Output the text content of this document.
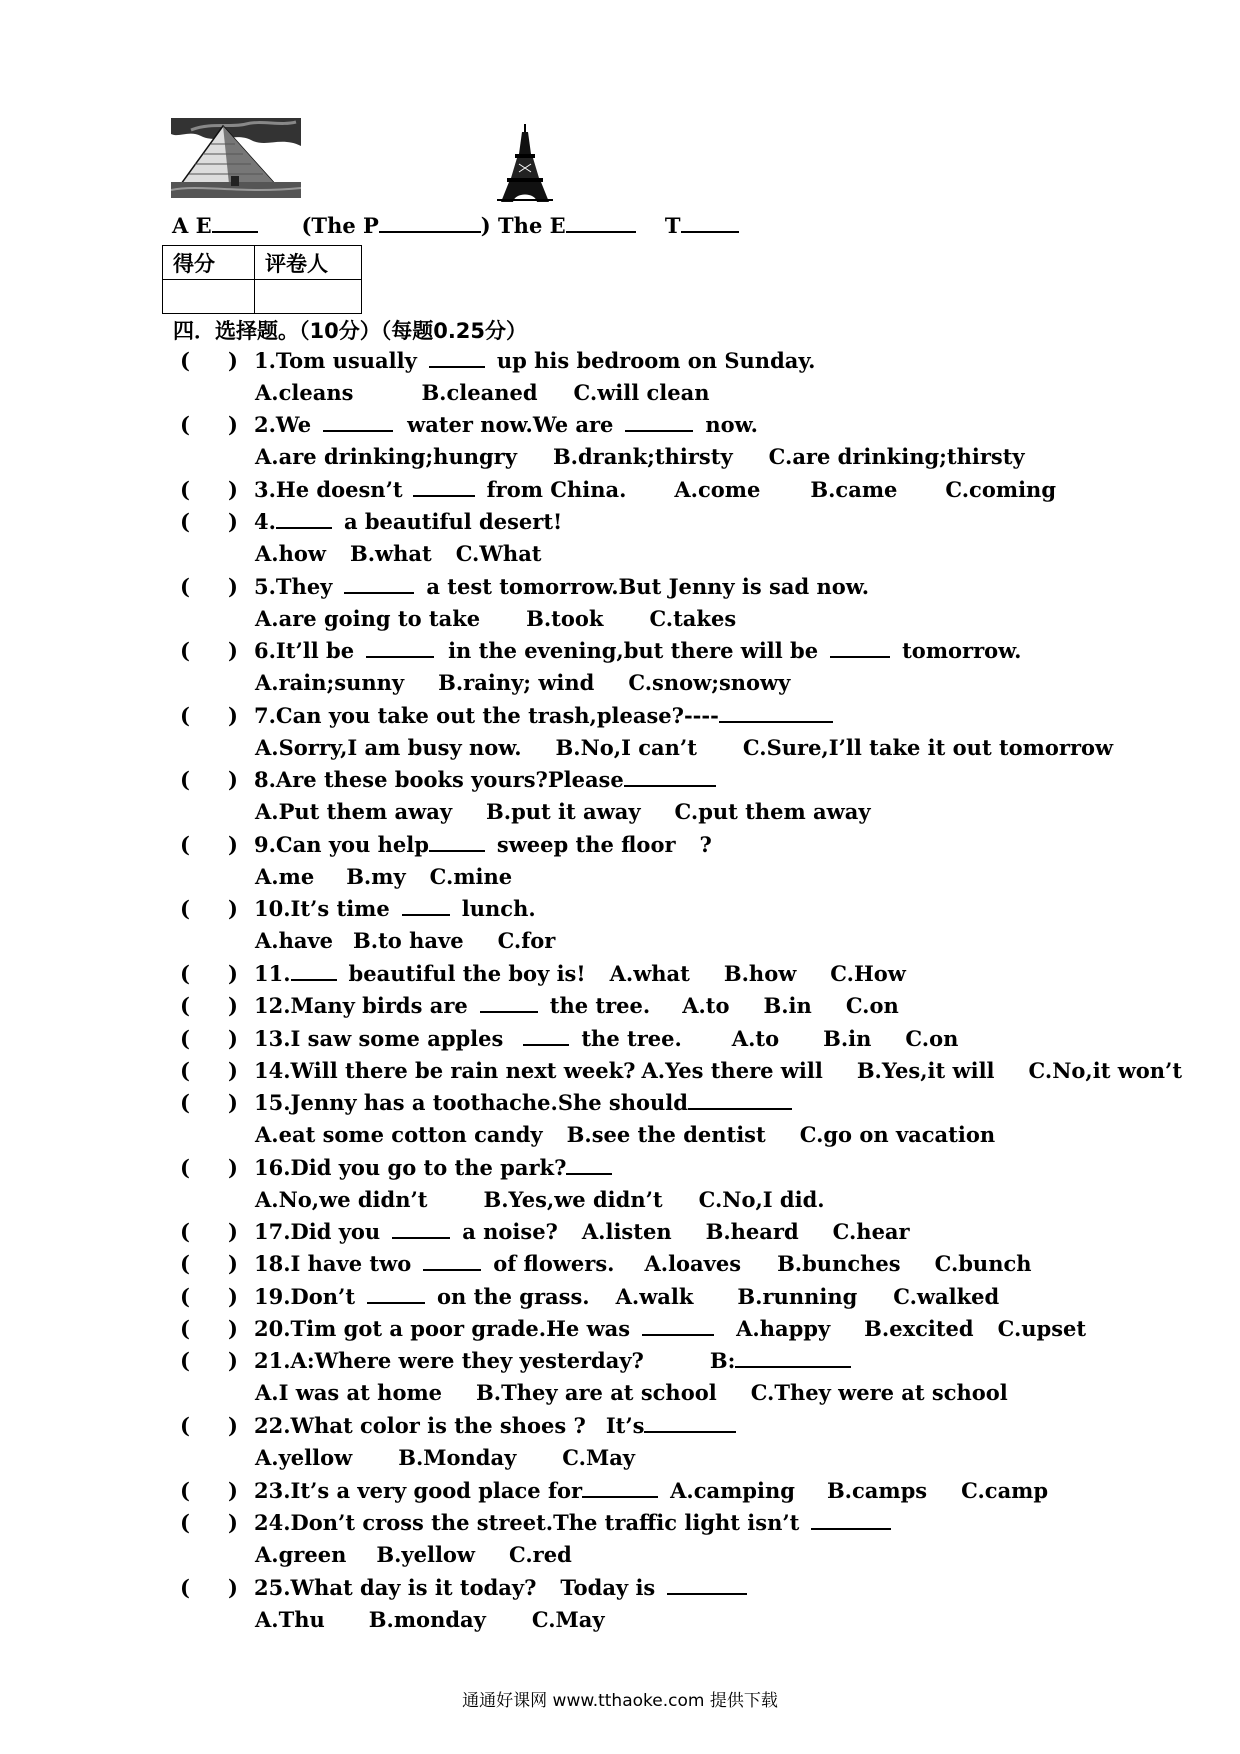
A E	(The P	) The E	T
得分	评卷人

四．选择题。（10分）（每题0.25分）
( ) 1.Tom usually	up his bedroom on Sunday.
A.cleans	B.cleaned C.will clean
( ) 2.We	water now.We are	now.
A.are drinking;hungry B.drank;thirsty C.are drinking;thirsty
( ) 3.He doesn’t	from China. A.come B.came C.coming
( ) 4.	a beautiful desert!
A.how B.what C.What
( ) 5.They	a test tomorrow.But Jenny is sad now.
A.are going to take B.took C.takes
( ) 6.It’ll be	in the evening,but there will be	tomorrow.
A.rain;sunny B.rainy; wind C.snow;snowy
( ) 7.Can you take out the trash,please?----
A.Sorry,I am busy now. B.No,I can’t C.Sure,I’ll take it out tomorrow
( ) 8.Are these books yours?Please
A.Put them away B.put it away C.put them away
( ) 9.Can you help	sweep the floor ?
A.me B.my C.mine
( ) 10.It’s time	lunch.
A.have B.to have C.for
( ) 11.	beautiful the boy is! A.what B.how C.How
( ) 12.Many birds are	the tree. A.to B.in C.on
( ) 13.I saw some apples	the tree. A.to B.in C.on
( ) 14.Will there be rain next week? A.Yes there will B.Yes,it will C.No,it won’t
( ) 15.Jenny has a toothache.She should
A.eat some cotton candy B.see the dentist C.go on vacation
( ) 16.Did you go to the park?
A.No,we didn’t	B.Yes,we didn’t C.No,I did.
( ) 17.Did you	a noise? A.listen B.heard C.hear
( ) 18.I have two	of flowers. A.loaves B.bunches C.bunch
( ) 19.Don’t	on the grass. A.walk B.running C.walked
( ) 20.Tim got a poor grade.He was	A.happy B.excited C.upset
( ) 21.A:Where were they yesterday?	B:
A.I was at home B.They are at school C.They were at school
( ) 22.What color is the shoes ? It’s
A.yellow B.Monday C.May
( ) 23.It’s a very good place for	A.camping B.camps C.camp
( ) 24.Don’t cross the street.The traffic light isn’t
A.green B.yellow C.red
( ) 25.What day is it today? Today is
A.Thu B.monday C.May
通通好课网 www.tthaoke.com 提供下载
